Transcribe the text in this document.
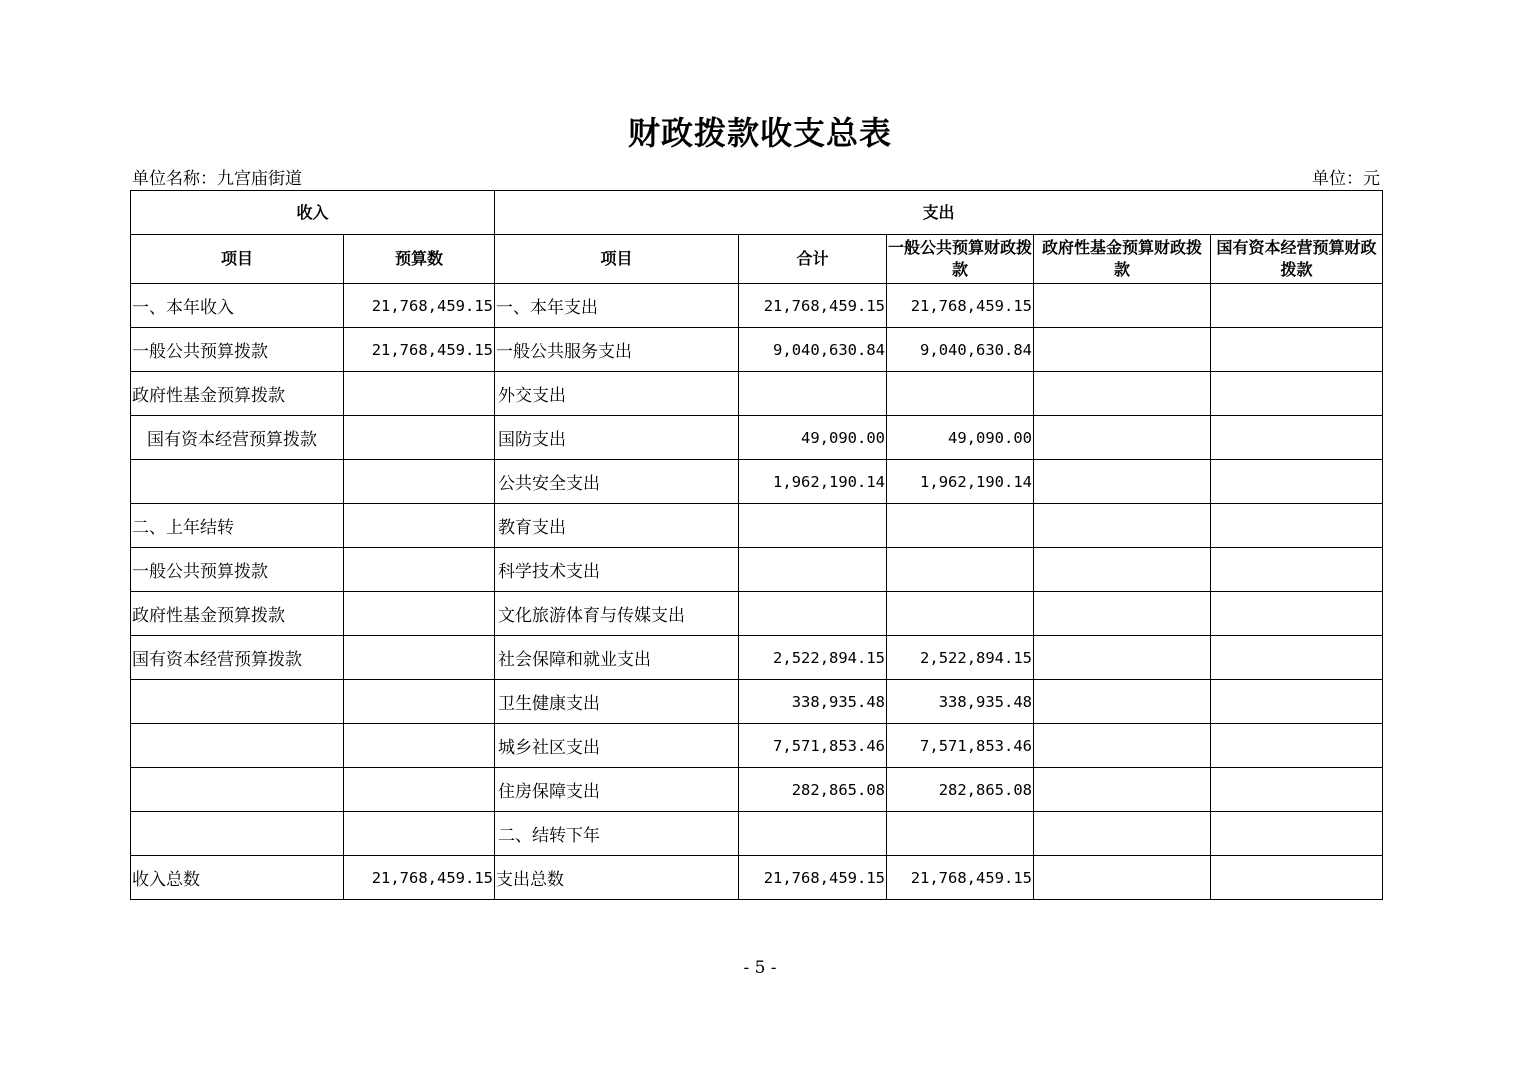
财政拨款收支总表
单位名称：九宫庙街道	单位：元
收入		支出				
项目	预算数	项目	合计	一般公共预算财政拨款	政府性基金预算财政拨款	国有资本经营预算财政拨款
一、本年收入	21,768,459.15	一、本年支出	21,768,459.15	21,768,459.15		
一般公共预算拨款	21,768,459.15	一般公共服务支出	9,040,630.84	9,040,630.84		
政府性基金预算拨款		外交支出				
国有资本经营预算拨款		国防支出	49,090.00	49,090.00		
		公共安全支出	1,962,190.14	1,962,190.14		
二、上年结转		教育支出				
一般公共预算拨款		科学技术支出				
政府性基金预算拨款		文化旅游体育与传媒支出				
国有资本经营预算拨款		社会保障和就业支出	2,522,894.15	2,522,894.15		
		卫生健康支出	338,935.48	338,935.48		
		城乡社区支出	7,571,853.46	7,571,853.46		
		住房保障支出	282,865.08	282,865.08		
		二、结转下年				
收入总数	21,768,459.15	支出总数	21,768,459.15	21,768,459.15		
- 5 -
